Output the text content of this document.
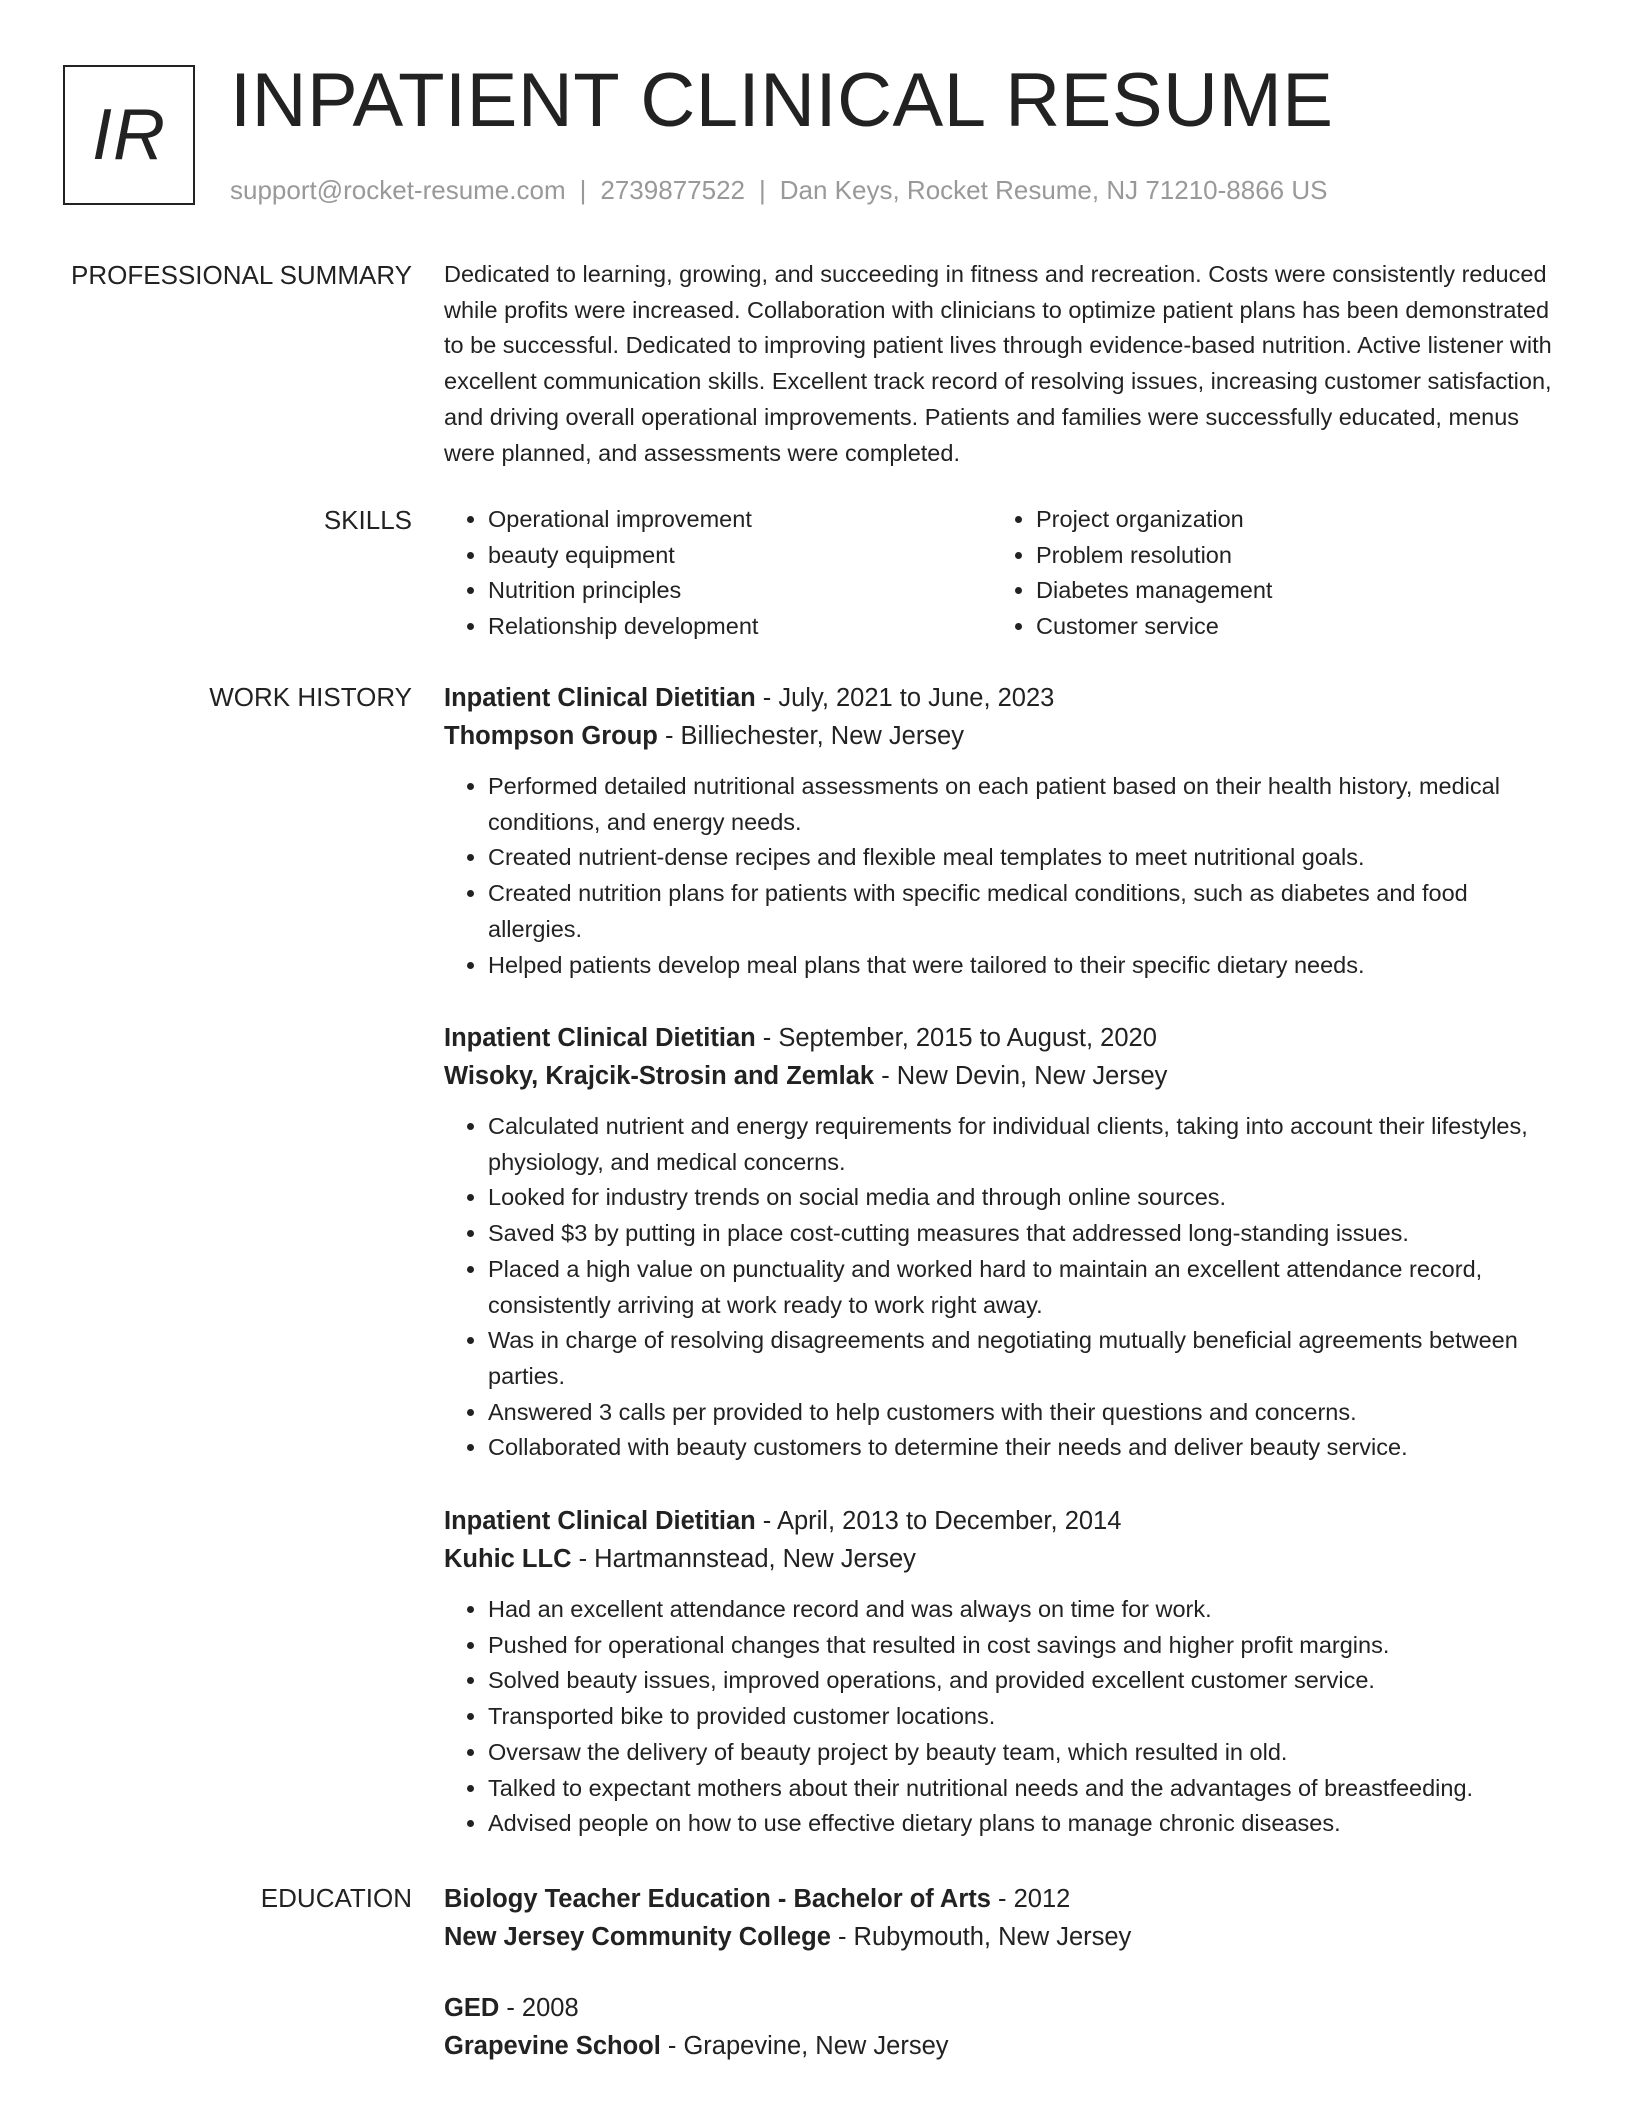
IR INPATIENT CLINICAL RESUME
support@rocket-resume.com | 2739877522 | Dan Keys, Rocket Resume, NJ 71210-8866 US
PROFESSIONAL SUMMARY Dedicated to learning, growing, and succeeding in fitness and recreation. Costs were consistently reduced while profits were increased. Collaboration with clinicians to optimize patient plans has been demonstrated to be successful. Dedicated to improving patient lives through evidence-based nutrition. Active listener with excellent communication skills. Excellent track record of resolving issues, increasing customer satisfaction, and driving overall operational improvements. Patients and families were successfully educated, menus were planned, and assessments were completed.

SKILLS
•	Operational improvement
• beauty equipment
• Nutrition principles
• Relationship development
• Project organization
• Problem resolution
• Diabetes management
• Customer service
WORK HISTORY Inpatient Clinical Dietitian - July, 2021 to June, 2023
Thompson Group - Billiechester, New Jersey
• Performed detailed nutritional assessments on each patient based on their health history, medical conditions, and energy needs.
• Created nutrient-dense recipes and flexible meal templates to meet nutritional goals.
• Created nutrition plans for patients with specific medical conditions, such as diabetes and food allergies.
• Helped patients develop meal plans that were tailored to their specific dietary needs.
Inpatient Clinical Dietitian - September, 2015 to August, 2020
Wisoky, Krajcik-Strosin and Zemlak - New Devin, New Jersey
• Calculated nutrient and energy requirements for individual clients, taking into account their lifestyles, physiology, and medical concerns.
• Looked for industry trends on social media and through online sources.
• Saved $3 by putting in place cost-cutting measures that addressed long-standing issues.
• Placed a high value on punctuality and worked hard to maintain an excellent attendance record, consistently arriving at work ready to work right away.
• Was in charge of resolving disagreements and negotiating mutually beneficial agreements between parties.
• Answered 3 calls per provided to help customers with their questions and concerns.
• Collaborated with beauty customers to determine their needs and deliver beauty service.
Inpatient Clinical Dietitian - April, 2013 to December, 2014
Kuhic LLC - Hartmannstead, New Jersey
• Had an excellent attendance record and was always on time for work.
• Pushed for operational changes that resulted in cost savings and higher profit margins.
• Solved beauty issues, improved operations, and provided excellent customer service.
• Transported bike to provided customer locations.
• Oversaw the delivery of beauty project by beauty team, which resulted in old.
• Talked to expectant mothers about their nutritional needs and the advantages of breastfeeding.
• Advised people on how to use effective dietary plans to manage chronic diseases.
EDUCATION Biology Teacher Education - Bachelor of Arts - 2012
New Jersey Community College - Rubymouth, New Jersey
GED - 2008
Grapevine School - Grapevine, New Jersey
